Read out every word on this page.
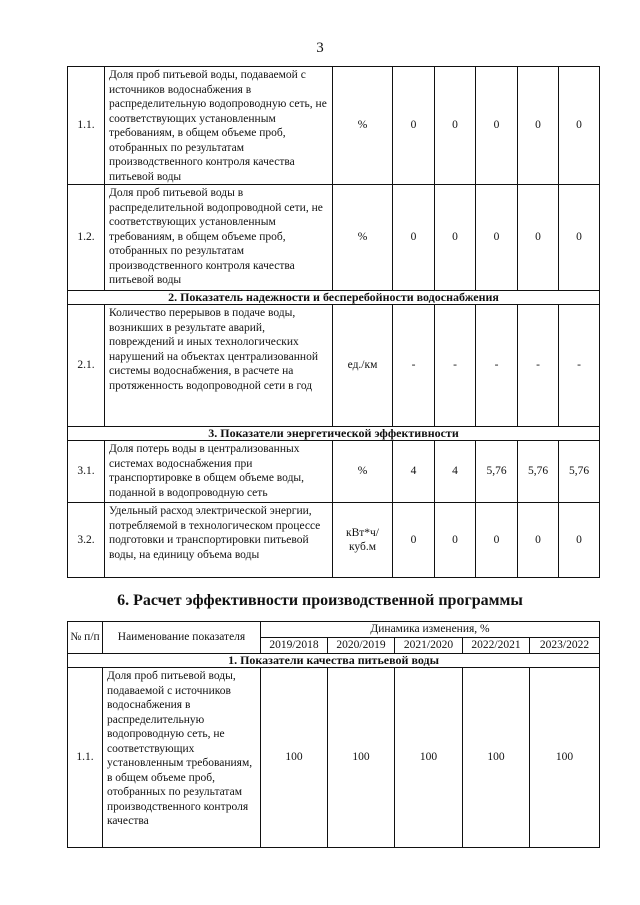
3
1.1.	Доля проб питьевой воды, подаваемой с источников водоснабжения в распределительную водопроводную сеть, не соответствующих установленным требованиям, в общем объеме проб, отобранных по результатам производственного контроля качества питьевой воды	%	0	0	0	0	0
1.2.	Доля проб питьевой воды в распределительной водопроводной сети, не соответствующих установленным требованиям, в общем объеме проб, отобранных по результатам производственного контроля качества питьевой воды	%	0	0	0	0	0
2. Показатель надежности и бесперебойности водоснабжения							
2.1.	Количество перерывов в подаче воды, возникших в результате аварий, повреждений и иных технологических нарушений на объектах централизованной системы водоснабжения, в расчете на протяженность водопроводной сети в год	ед./км	-	-	-	-	-
3. Показатели энергетической эффективности							
3.1.	Доля потерь воды в централизованных системах водоснабжения при транспортировке в общем объеме воды, поданной в водопроводную сеть	%	4	4	5,76	5,76	5,76
3.2.	Удельный расход электрической энергии, потребляемой в технологическом процессе подготовки и транспортировки питьевой воды, на единицу объема воды	кВт*ч/ куб.м	0	0	0	0	0
6. Расчет эффективности производственной программы
№ п/п	Наименование показателя	Динамика изменения, %				
		2019/2018	2020/2019	2021/2020	2022/2021	2023/2022
1. Показатели качества питьевой воды						
1.1.	Доля проб питьевой воды, подаваемой с источников водоснабжения в распределительную водопроводную сеть, не соответствующих установленным требованиям, в общем объеме проб, отобранных по результатам производственного контроля качества	100	100	100	100	100
